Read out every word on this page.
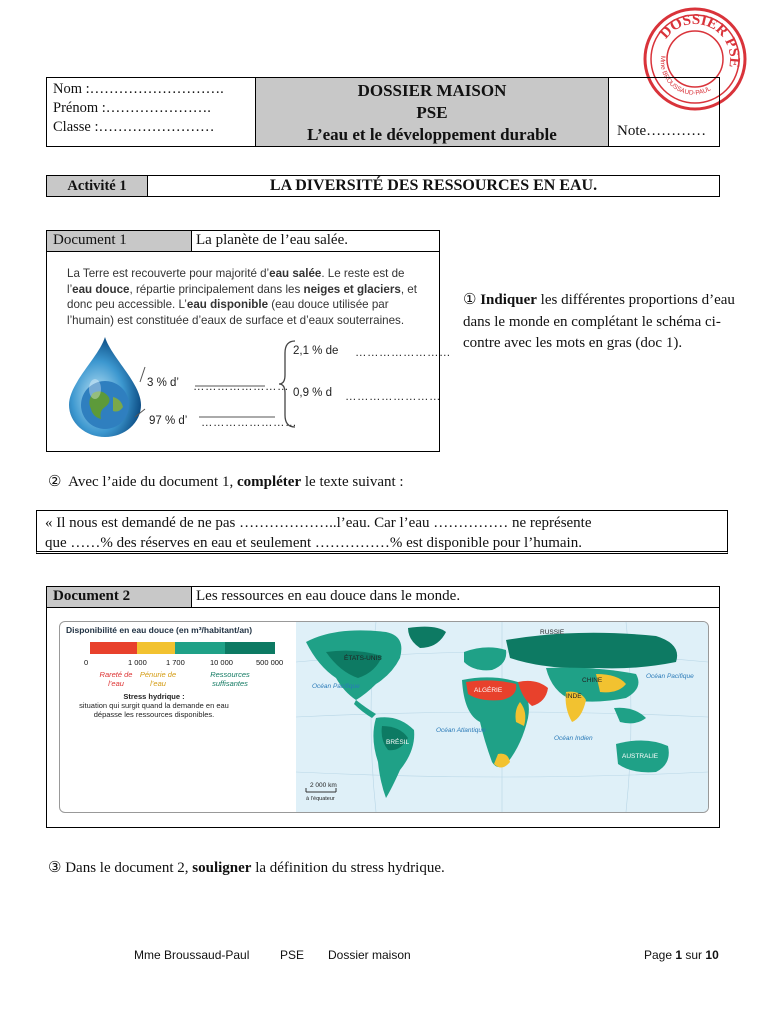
DOSSIER PSE
Mme BROUSSAUD-PAUL
Nom :……………………….
Prénom :………………….
Classe :……………………
DOSSIER MAISON
PSE
L’eau et le développement durable	Note…………
Activité 1	LA DIVERSITÉ DES RESSOURCES EN EAU.
Document 1	La planète de l’eau salée.
La Terre est recouverte pour majorité d’eau salée. Le reste est de l’eau douce, répartie principalement dans les neiges et glaciers, et donc peu accessible. L’eau disponible (eau douce utilisée par l’humain) est constituée d’eaux de surface et d’eaux souterraines.
3 % d’ ……………………
97 % d’ ……………………
2,1 % de ……………………
0,9 % d ……………………
① Indiquer les différentes proportions d’eau dans le monde en complétant le schéma ci-contre avec les mots en gras (doc 1).
② Avec l’aide du document 1, compléter le texte suivant :
« Il nous est demandé de ne pas ………………..l’eau. Car l’eau …………… ne représente
que ……% des réserves en eau et seulement ……………% est disponible pour l’humain.
Document 2	Les ressources en eau douce dans le monde.
Disponibilité en eau douce (en m³/habitant/an)
0	1 000	1 700	10 000	500 000
Rareté de l’eau
Pénurie de l’eau
Ressources suffisantes
Stress hydrique :
situation qui surgit quand la demande en eau dépasse les ressources disponibles.
2 000 km
à l’équateur
RUSSIE
ÉTATS-UNIS
CHINE
ALGÉRIE
INDE
BRÉSIL
AUSTRALIE
Océan Pacifique
Océan Atlantique
Océan Indien
Océan Pacifique
③ Dans le document 2, souligner la définition du stress hydrique.
Mme Broussaud-Paul	PSE Dossier maison	Page 1 sur 10
